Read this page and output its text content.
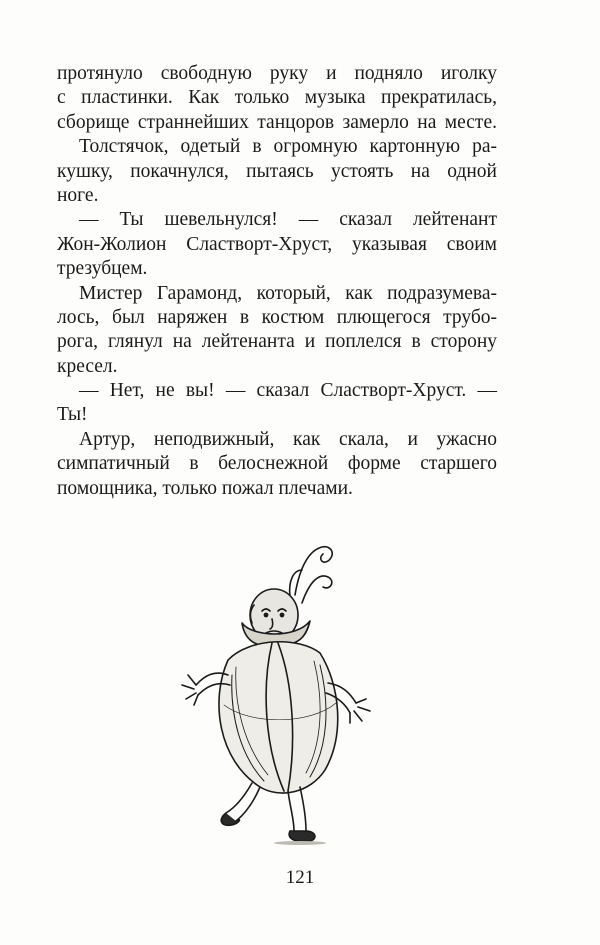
протянуло свободную руку и подняло иголку
с пластинки. Как только музыка прекратилась,
сборище страннейших танцоров замерло на месте.
Толстячок, одетый в огромную картонную ра-
кушку, покачнулся, пытаясь устоять на одной
ноге.
— Ты шевельнулся! — сказал лейтенант
Жон-Жолион Сластворт-Хруст, указывая своим
трезубцем.
Мистер Гарамонд, который, как подразумева-
лось, был наряжен в костюм плющегося трубо-
рога, глянул на лейтенанта и поплелся в сторону
кресел.
— Нет, не вы! — сказал Сластворт-Хруст. —
Ты!
Артур, неподвижный, как скала, и ужасно
симпатичный в белоснежной форме старшего
помощника, только пожал плечами.
121
